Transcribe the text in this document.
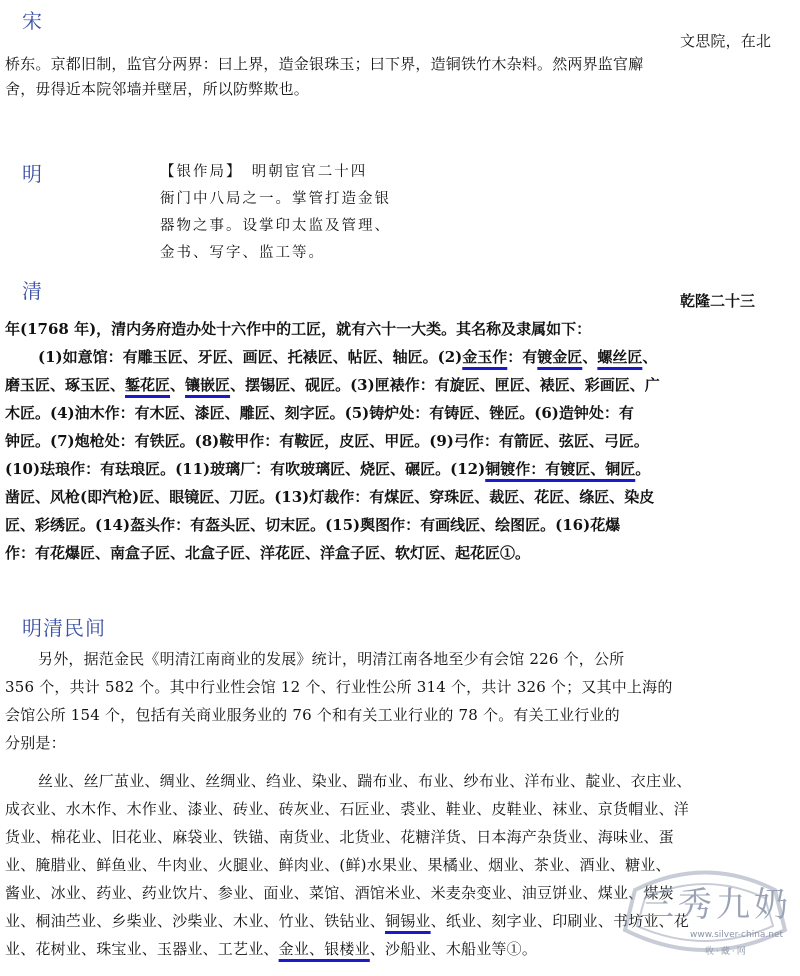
宋
明
清
明清民间
文思院，在北
桥东。京都旧制，监官分两界：曰上界，造金银珠玉；曰下界，造铜铁竹木杂料。然两界监官廨
舍，毋得近本院邻墙并壁居，所以防弊欺也。
【银作局】　明朝宦官二十四
衙门中八局之一。掌管打造金银
器物之事。设掌印太监及管理、
金书、写字、监工等。
乾隆二十三
年(1768 年)，清内务府造办处十六作中的工匠，就有六十一大类。其名称及隶属如下：
(1)如意馆：有雕玉匠、牙匠、画匠、托裱匠、帖匠、轴匠。(2)金玉作：有镀金匠、螺丝匠、
磨玉匠、琢玉匠、錾花匠、镶嵌匠、摆锡匠、砚匠。(3)匣裱作：有旋匠、匣匠、裱匠、彩画匠、广
木匠。(4)油木作：有木匠、漆匠、雕匠、刻字匠。(5)铸炉处：有铸匠、锉匠。(6)造钟处：有
钟匠。(7)炮枪处：有铁匠。(8)鞍甲作：有鞍匠，皮匠、甲匠。(9)弓作：有箭匠、弦匠、弓匠。
(10)珐琅作：有珐琅匠。(11)玻璃厂：有吹玻璃匠、烧匠、碾匠。(12)铜镀作：有镀匠、铜匠。
凿匠、风枪(即汽枪)匠、眼镜匠、刀匠。(13)灯裁作：有煤匠、穿珠匠、裁匠、花匠、绦匠、染皮
匠、彩绣匠。(14)盔头作：有盔头匠、切末匠。(15)舆图作：有画线匠、绘图匠。(16)花爆
作：有花爆匠、南盒子匠、北盒子匠、洋花匠、洋盒子匠、软灯匠、起花匠①。
另外，据范金民《明清江南商业的发展》统计，明清江南各地至少有会馆 226 个，公所
356 个，共计 582 个。其中行业性会馆 12 个、行业性公所 314 个，共计 326 个；又其中上海的
会馆公所 154 个，包括有关商业服务业的 76 个和有关工业行业的 78 个。有关工业行业的
分别是：
丝业、丝厂茧业、绸业、丝绸业、绉业、染业、踹布业、布业、纱布业、洋布业、靛业、衣庄业、
成衣业、水木作、木作业、漆业、砖业、砖灰业、石匠业、裘业、鞋业、皮鞋业、袜业、京货帽业、洋
货业、棉花业、旧花业、麻袋业、铁锚、南货业、北货业、花糖洋货、日本海产杂货业、海味业、蛋
业、腌腊业、鲜鱼业、牛肉业、火腿业、鲜肉业、(鲜)水果业、果橘业、烟业、茶业、酒业、糖业、
酱业、冰业、药业、药业饮片、参业、面业、菜馆、酒馆米业、米麦杂变业、油豆饼业、煤业、煤炭
业、桐油苎业、乡柴业、沙柴业、木业、竹业、铁钻业、铜锡业、纸业、刻字业、印刷业、书坊业、花
业、花树业、珠宝业、玉器业、工艺业、金业、银楼业、沙船业、木船业等①。
三秀九奶
www.silver-china.net
收·藏·网
